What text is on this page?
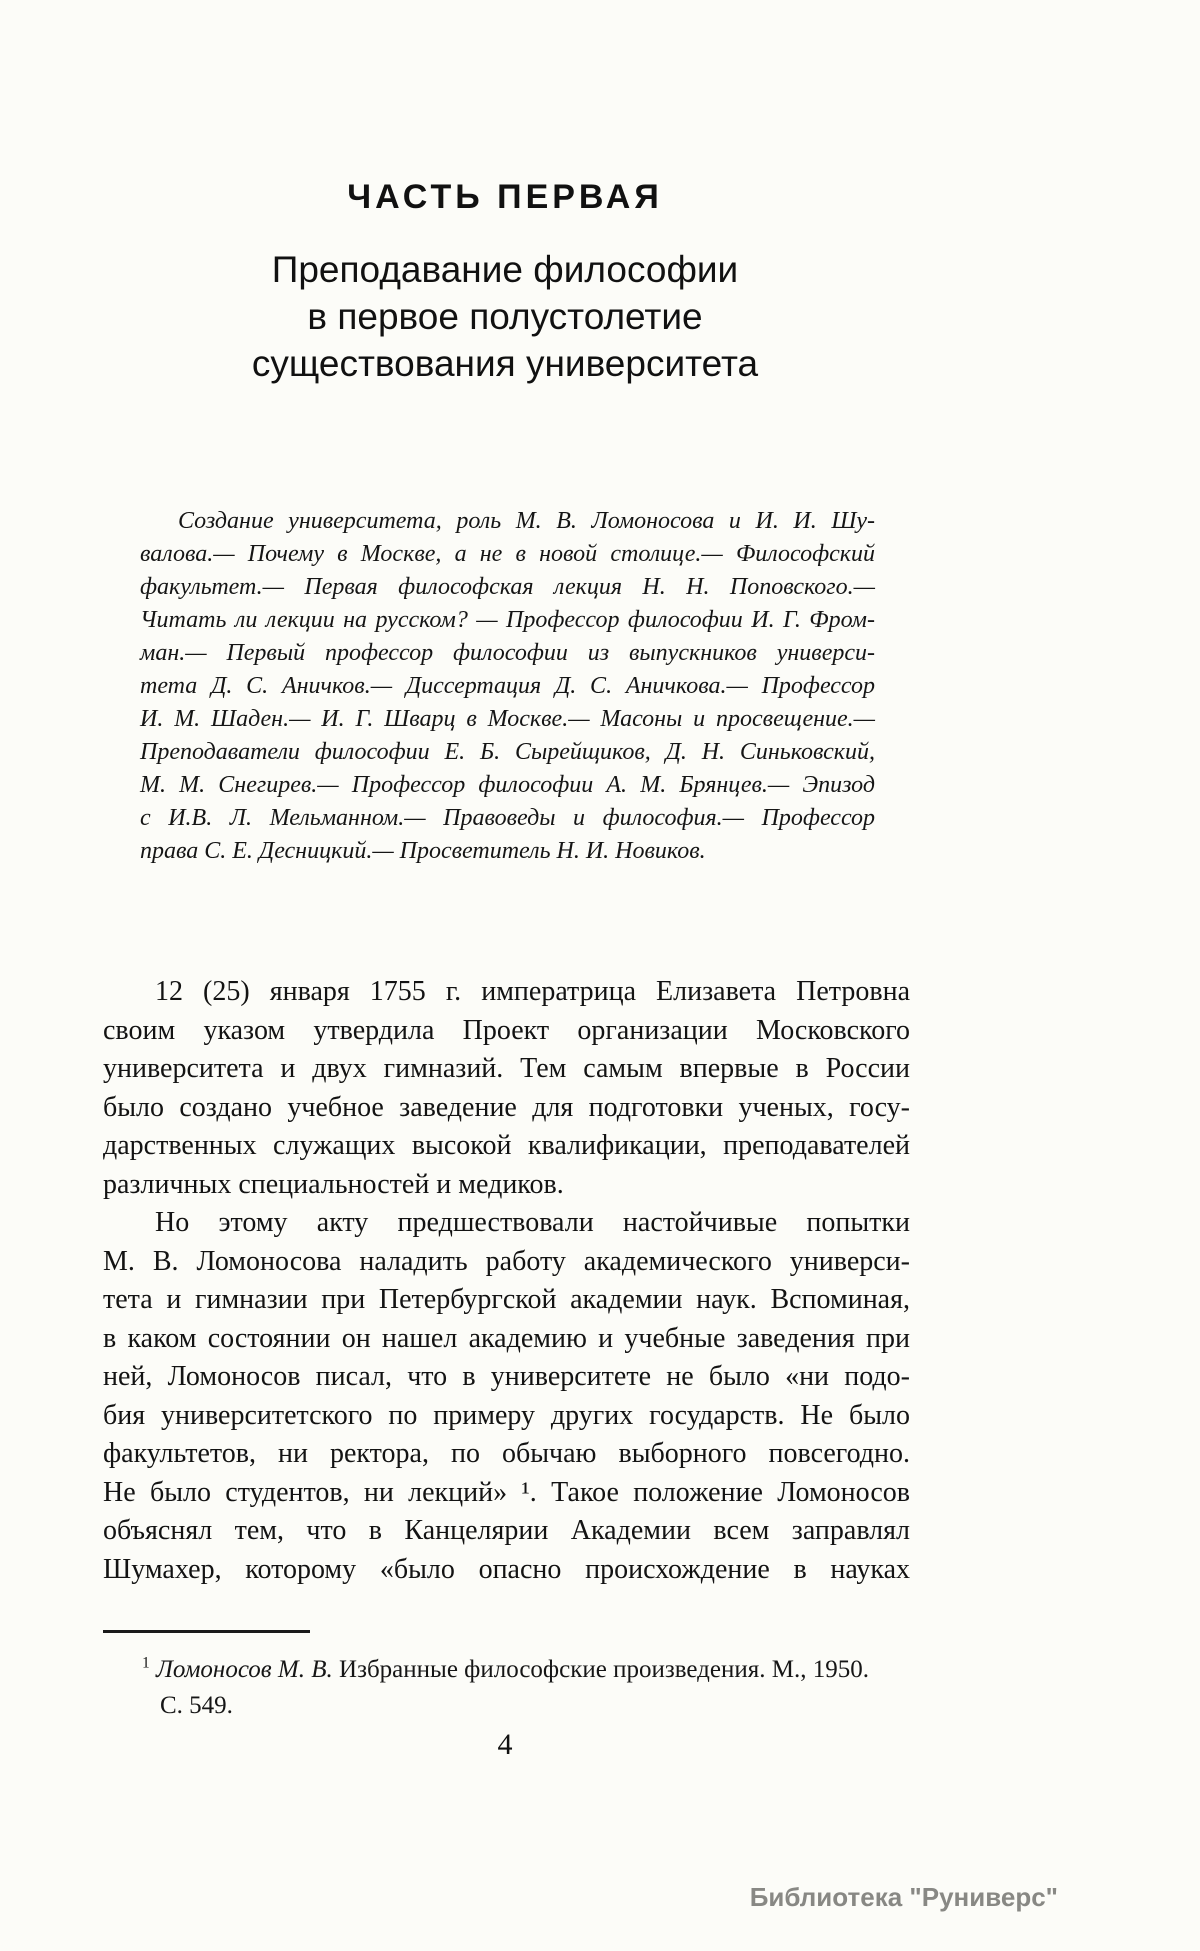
ЧАСТЬ ПЕРВАЯ
Преподавание философии
в первое полустолетие
существования университета
Создание университета, роль М. В. Ломоносова и И. И. Шу-
валова.— Почему в Москве, а не в новой столице.— Философский
факультет.— Первая философская лекция Н. Н. Поповского.—
Читать ли лекции на русском? — Профессор философии И. Г. Фром-
ман.— Первый профессор философии из выпускников универси-
тета Д. С. Аничков.— Диссертация Д. С. Аничкова.— Профессор
И. М. Шаден.— И. Г. Шварц в Москве.— Масоны и просвещение.—
Преподаватели философии Е. Б. Сырейщиков, Д. Н. Синьковский,
М. М. Снегирев.— Профессор философии А. М. Брянцев.— Эпизод
с И.В. Л. Мельманном.— Правоведы и философия.— Профессор
права С. Е. Десницкий.— Просветитель Н. И. Новиков.
12 (25) января 1755 г. императрица Елизавета Петровна
своим указом утвердила Проект организации Московского
университета и двух гимназий. Тем самым впервые в России
было создано учебное заведение для подготовки ученых, госу-
дарственных служащих высокой квалификации, преподавателей
различных специальностей и медиков.
Но этому акту предшествовали настойчивые попытки
М. В. Ломоносова наладить работу академического универси-
тета и гимназии при Петербургской академии наук. Вспоминая,
в каком состоянии он нашел академию и учебные заведения при
ней, Ломоносов писал, что в университете не было «ни подо-
бия университетского по примеру других государств. Не было
факультетов, ни ректора, по обычаю выборного повсегодно.
Не было студентов, ни лекций» ¹. Такое положение Ломоносов
объяснял тем, что в Канцелярии Академии всем заправлял
Шумахер, которому «было опасно происхождение в науках
$^1$ Ломоносов М. В. Избранные философские произведения. М., 1950.
С. 549.
4
Библиотека "Руниверс"
